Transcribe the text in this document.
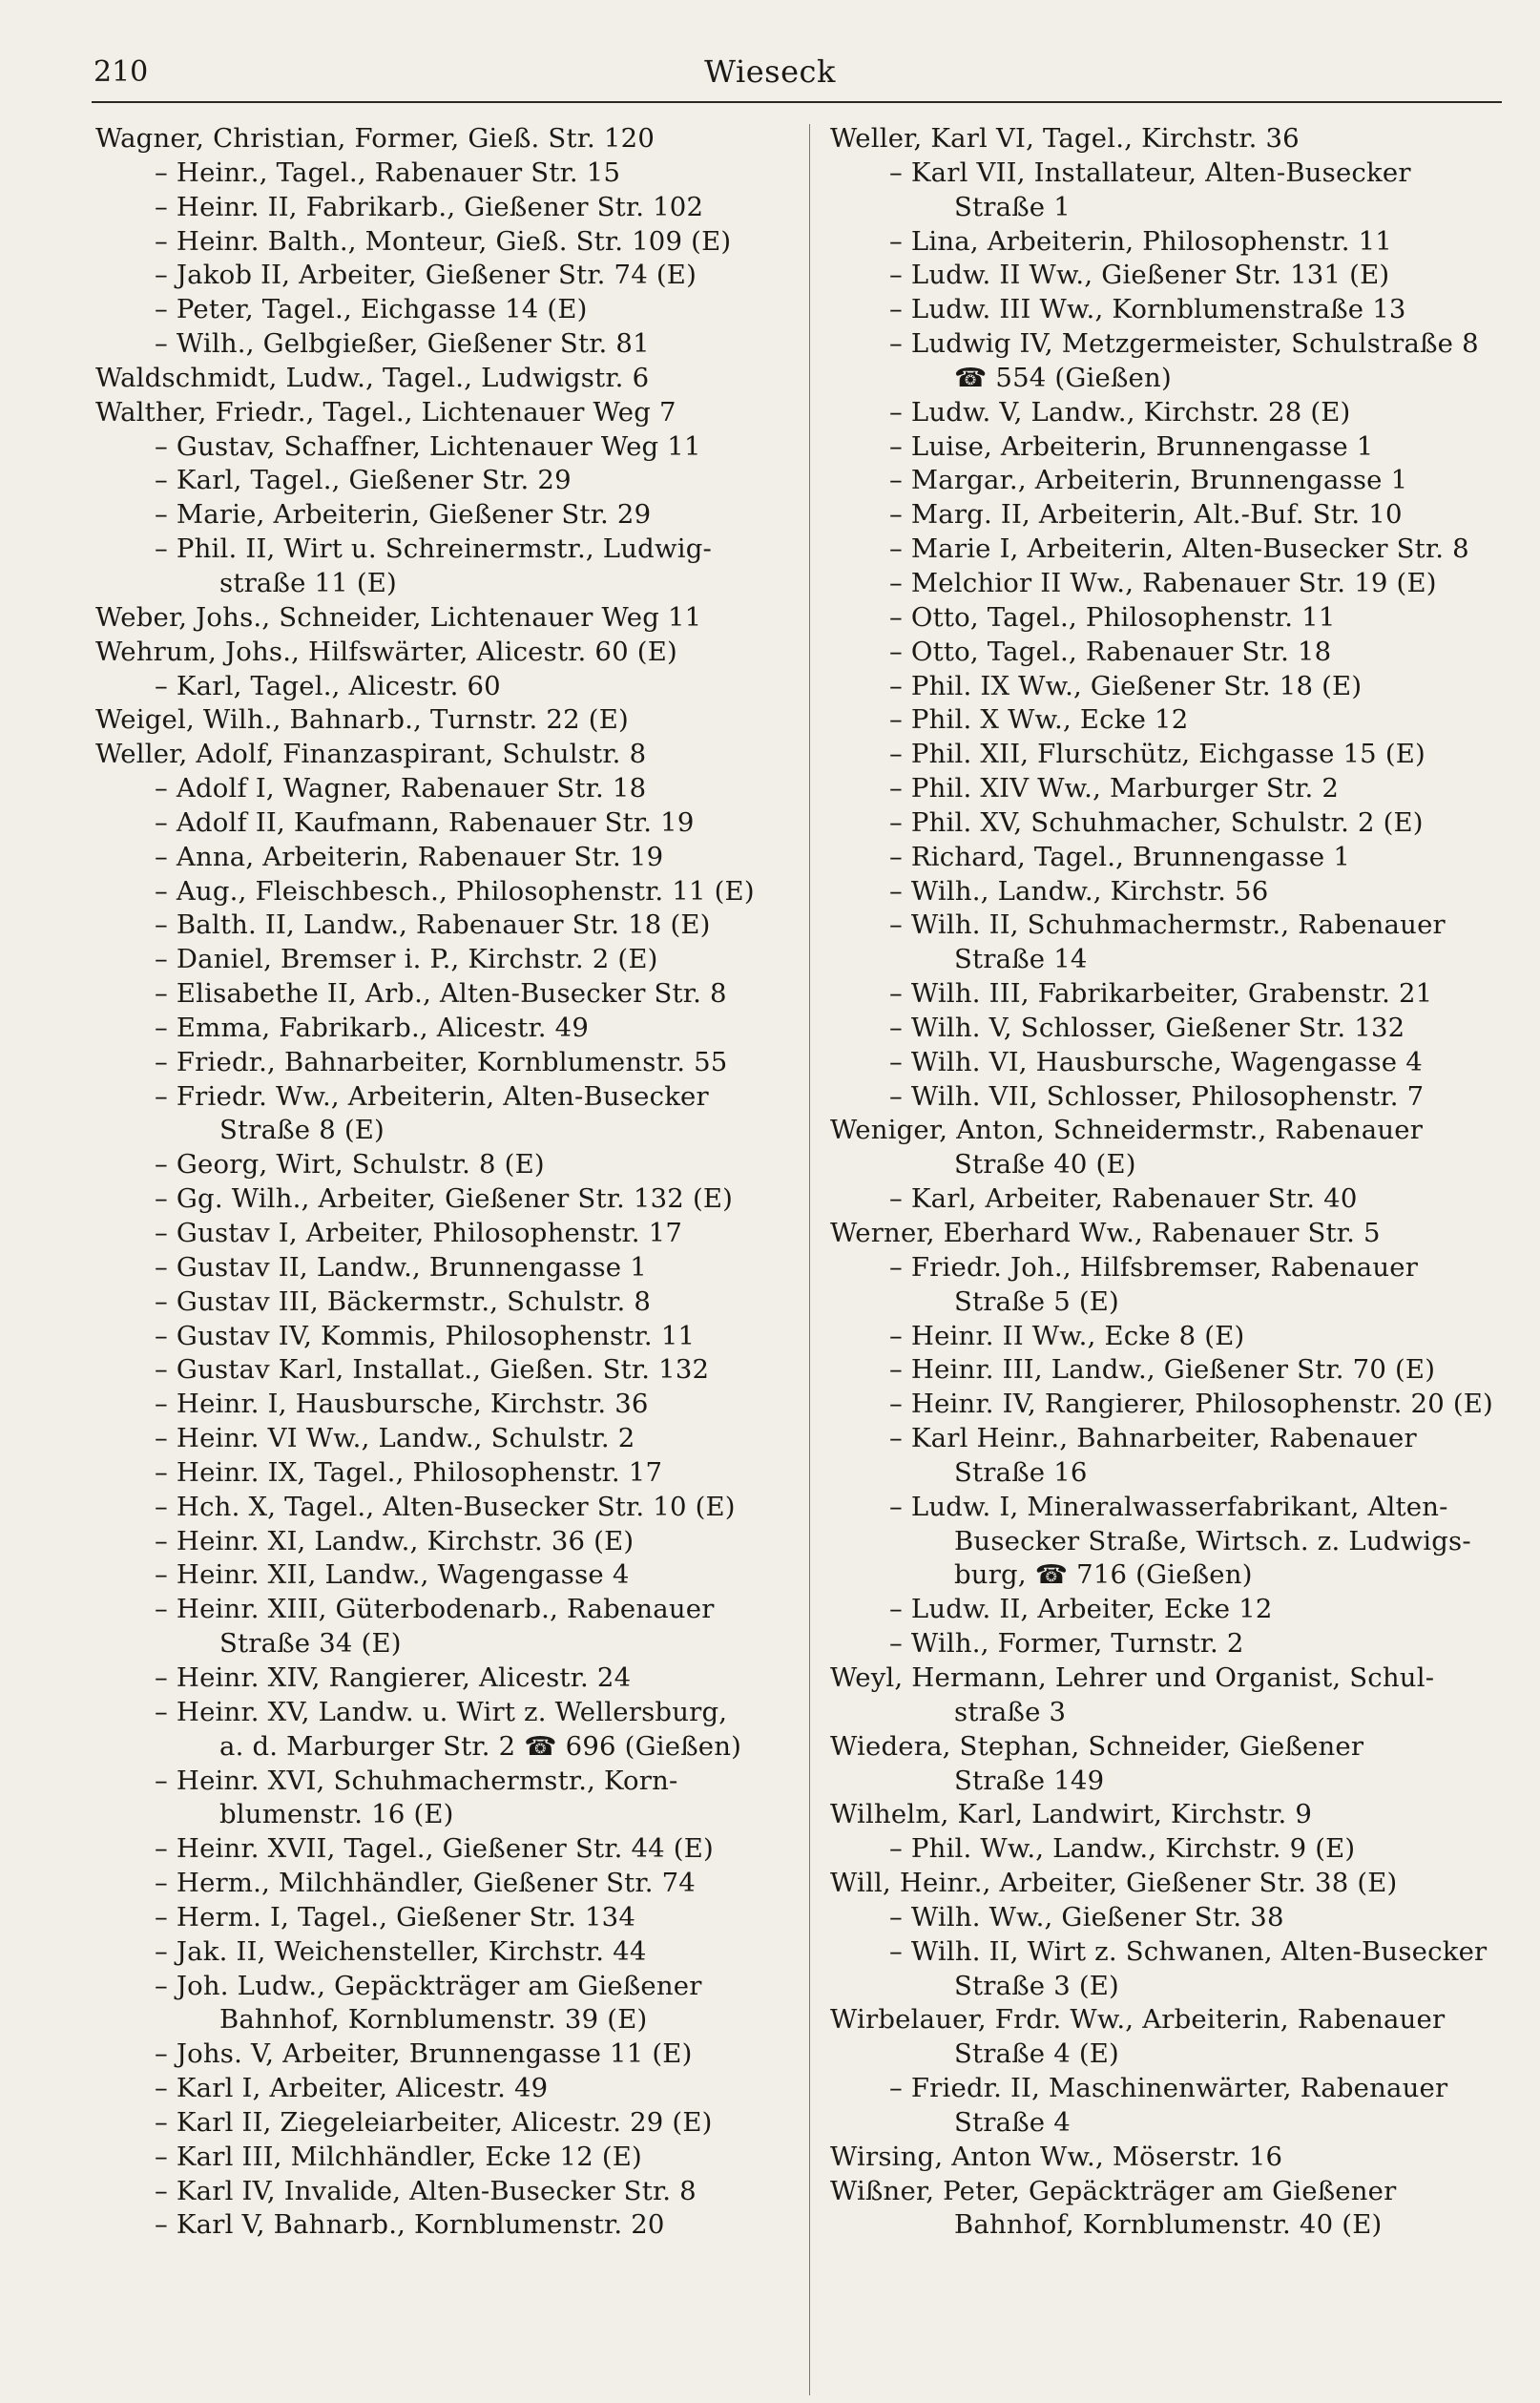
210	Wieseck
Wagner, Christian, Former, Gieß. Str. 120
– Heinr., Tagel., Rabenauer Str. 15
– Heinr. II, Fabrikarb., Gießener Str. 102
– Heinr. Balth., Monteur, Gieß. Str. 109 (E)
– Jakob II, Arbeiter, Gießener Str. 74 (E)
– Peter, Tagel., Eichgasse 14 (E)
– Wilh., Gelbgießer, Gießener Str. 81
Waldschmidt, Ludw., Tagel., Ludwigstr. 6
Walther, Friedr., Tagel., Lichtenauer Weg 7
– Gustav, Schaffner, Lichtenauer Weg 11
– Karl, Tagel., Gießener Str. 29
– Marie, Arbeiterin, Gießener Str. 29
– Phil. II, Wirt u. Schreinermstr., Ludwig-
straße 11 (E)
Weber, Johs., Schneider, Lichtenauer Weg 11
Wehrum, Johs., Hilfswärter, Alicestr. 60 (E)
– Karl, Tagel., Alicestr. 60
Weigel, Wilh., Bahnarb., Turnstr. 22 (E)
Weller, Adolf, Finanzaspirant, Schulstr. 8
– Adolf I, Wagner, Rabenauer Str. 18
– Adolf II, Kaufmann, Rabenauer Str. 19
– Anna, Arbeiterin, Rabenauer Str. 19
– Aug., Fleischbesch., Philosophenstr. 11 (E)
– Balth. II, Landw., Rabenauer Str. 18 (E)
– Daniel, Bremser i. P., Kirchstr. 2 (E)
– Elisabethe II, Arb., Alten-Busecker Str. 8
– Emma, Fabrikarb., Alicestr. 49
– Friedr., Bahnarbeiter, Kornblumenstr. 55
– Friedr. Ww., Arbeiterin, Alten-Busecker
Straße 8 (E)
– Georg, Wirt, Schulstr. 8 (E)
– Gg. Wilh., Arbeiter, Gießener Str. 132 (E)
– Gustav I, Arbeiter, Philosophenstr. 17
– Gustav II, Landw., Brunnengasse 1
– Gustav III, Bäckermstr., Schulstr. 8
– Gustav IV, Kommis, Philosophenstr. 11
– Gustav Karl, Installat., Gießen. Str. 132
– Heinr. I, Hausbursche, Kirchstr. 36
– Heinr. VI Ww., Landw., Schulstr. 2
– Heinr. IX, Tagel., Philosophenstr. 17
– Hch. X, Tagel., Alten-Busecker Str. 10 (E)
– Heinr. XI, Landw., Kirchstr. 36 (E)
– Heinr. XII, Landw., Wagengasse 4
– Heinr. XIII, Güterbodenarb., Rabenauer
Straße 34 (E)
– Heinr. XIV, Rangierer, Alicestr. 24
– Heinr. XV, Landw. u. Wirt z. Wellersburg,
a. d. Marburger Str. 2 ☎ 696 (Gießen)
– Heinr. XVI, Schuhmachermstr., Korn-
blumenstr. 16 (E)
– Heinr. XVII, Tagel., Gießener Str. 44 (E)
– Herm., Milchhändler, Gießener Str. 74
– Herm. I, Tagel., Gießener Str. 134
– Jak. II, Weichensteller, Kirchstr. 44
– Joh. Ludw., Gepäckträger am Gießener
Bahnhof, Kornblumenstr. 39 (E)
– Johs. V, Arbeiter, Brunnengasse 11 (E)
– Karl I, Arbeiter, Alicestr. 49
– Karl II, Ziegeleiarbeiter, Alicestr. 29 (E)
– Karl III, Milchhändler, Ecke 12 (E)
– Karl IV, Invalide, Alten-Busecker Str. 8
– Karl V, Bahnarb., Kornblumenstr. 20
Weller, Karl VI, Tagel., Kirchstr. 36
– Karl VII, Installateur, Alten-Busecker
Straße 1
– Lina, Arbeiterin, Philosophenstr. 11
– Ludw. II Ww., Gießener Str. 131 (E)
– Ludw. III Ww., Kornblumenstraße 13
– Ludwig IV, Metzgermeister, Schulstraße 8
☎ 554 (Gießen)
– Ludw. V, Landw., Kirchstr. 28 (E)
– Luise, Arbeiterin, Brunnengasse 1
– Margar., Arbeiterin, Brunnengasse 1
– Marg. II, Arbeiterin, Alt.-Buf. Str. 10
– Marie I, Arbeiterin, Alten-Busecker Str. 8
– Melchior II Ww., Rabenauer Str. 19 (E)
– Otto, Tagel., Philosophenstr. 11
– Otto, Tagel., Rabenauer Str. 18
– Phil. IX Ww., Gießener Str. 18 (E)
– Phil. X Ww., Ecke 12
– Phil. XII, Flurschütz, Eichgasse 15 (E)
– Phil. XIV Ww., Marburger Str. 2
– Phil. XV, Schuhmacher, Schulstr. 2 (E)
– Richard, Tagel., Brunnengasse 1
– Wilh., Landw., Kirchstr. 56
– Wilh. II, Schuhmachermstr., Rabenauer
Straße 14
– Wilh. III, Fabrikarbeiter, Grabenstr. 21
– Wilh. V, Schlosser, Gießener Str. 132
– Wilh. VI, Hausbursche, Wagengasse 4
– Wilh. VII, Schlosser, Philosophenstr. 7
Weniger, Anton, Schneidermstr., Rabenauer
Straße 40 (E)
– Karl, Arbeiter, Rabenauer Str. 40
Werner, Eberhard Ww., Rabenauer Str. 5
– Friedr. Joh., Hilfsbremser, Rabenauer
Straße 5 (E)
– Heinr. II Ww., Ecke 8 (E)
– Heinr. III, Landw., Gießener Str. 70 (E)
– Heinr. IV, Rangierer, Philosophenstr. 20 (E)
– Karl Heinr., Bahnarbeiter, Rabenauer
Straße 16
– Ludw. I, Mineralwasserfabrikant, Alten-
Busecker Straße, Wirtsch. z. Ludwigs-
burg, ☎ 716 (Gießen)
– Ludw. II, Arbeiter, Ecke 12
– Wilh., Former, Turnstr. 2
Weyl, Hermann, Lehrer und Organist, Schul-
straße 3
Wiedera, Stephan, Schneider, Gießener
Straße 149
Wilhelm, Karl, Landwirt, Kirchstr. 9
– Phil. Ww., Landw., Kirchstr. 9 (E)
Will, Heinr., Arbeiter, Gießener Str. 38 (E)
– Wilh. Ww., Gießener Str. 38
– Wilh. II, Wirt z. Schwanen, Alten-Busecker
Straße 3 (E)
Wirbelauer, Frdr. Ww., Arbeiterin, Rabenauer
Straße 4 (E)
– Friedr. II, Maschinenwärter, Rabenauer
Straße 4
Wirsing, Anton Ww., Möserstr. 16
Wißner, Peter, Gepäckträger am Gießener
Bahnhof, Kornblumenstr. 40 (E)
